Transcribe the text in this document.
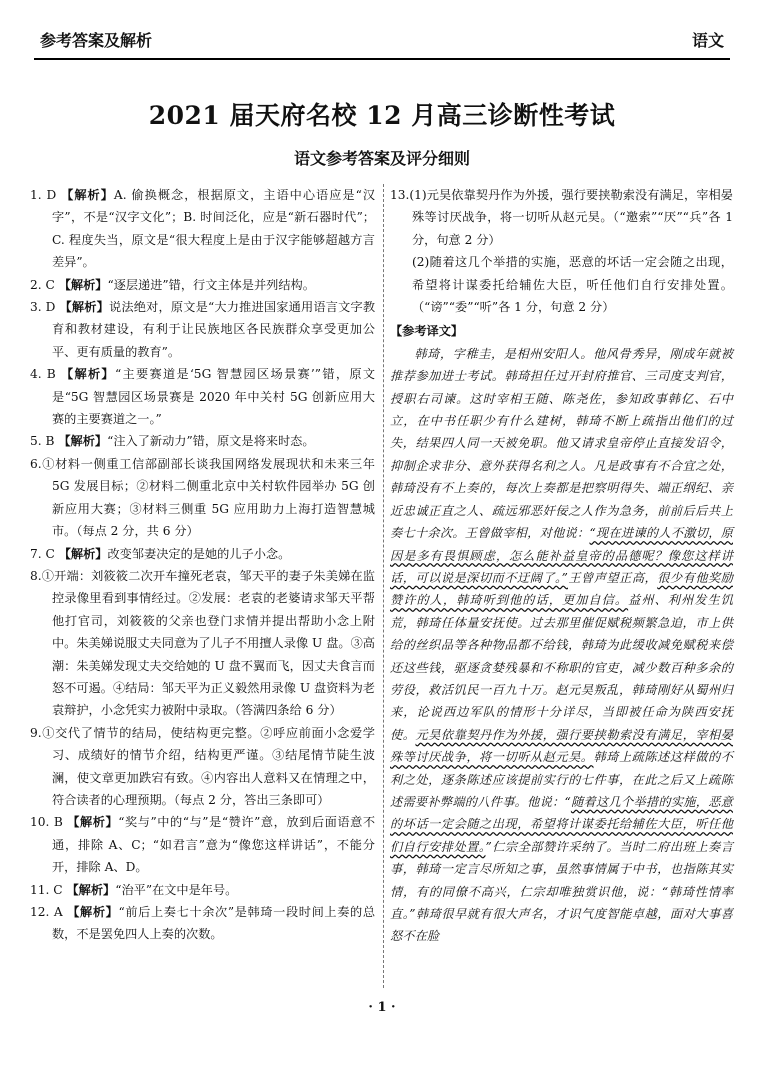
参考答案及解析	语文
2021 届天府名校 12 月高三诊断性考试
语文参考答案及评分细则
1. D 【解析】A. 偷换概念，根据原文，主语中心语应是“汉字”，不是“汉字文化”；B. 时间泛化，应是“新石器时代”；C. 程度失当，原文是“很大程度上是由于汉字能够超越方言差异”。
2. C 【解析】“逐层递进”错，行文主体是并列结构。
3. D 【解析】说法绝对，原文是“大力推进国家通用语言文字教育和教材建设，有利于让民族地区各民族群众享受更加公平、更有质量的教育”。
4. B 【解析】“主要赛道是‘5G 智慧园区场景赛’”错，原文是“5G 智慧园区场景赛是 2020 年中关村 5G 创新应用大赛的主要赛道之一。”
5. B 【解析】“注入了新动力”错，原文是将来时态。
6.①材料一侧重工信部副部长谈我国网络发展现状和未来三年 5G 发展目标；②材料二侧重北京中关村软件园举办 5G 创新应用大赛；③材料三侧重 5G 应用助力上海打造智慧城市。（每点 2 分，共 6 分）
7. C 【解析】改变邹妻决定的是她的儿子小念。
8.①开端：刘筱筱二次开车撞死老袁，邹天平的妻子朱美娣在监控录像里看到事情经过。②发展：老袁的老婆请求邹天平帮他打官司，刘筱筱的父亲也登门求情并提出帮助小念上附中。朱美娣说服丈夫同意为了儿子不用擅人录像 U 盘。③高潮：朱美娣发现丈夫交给她的 U 盘不翼而飞，因丈夫食言而怒不可遏。④结局：邹天平为正义毅然用录像 U 盘资料为老袁辩护，小念凭实力被附中录取。（答满四条给 6 分）
9.①交代了情节的结局，使结构更完整。②呼应前面小念爱学习、成绩好的情节介绍，结构更严谨。③结尾情节陡生波澜，使文章更加跌宕有致。④内容出人意料又在情理之中，符合读者的心理预期。（每点 2 分，答出三条即可）
10. B 【解析】“奖与”中的“与”是“赞许”意，放到后面语意不通，排除 A、C；“如君言”意为“像您这样讲话”，不能分开，排除 A、D。
11. C 【解析】“治平”在文中是年号。
12. A 【解析】“前后上奏七十余次”是韩琦一段时间上奏的总数，不是罢免四人上奏的次数。
13.(1)元昊依靠契丹作为外援，强行要挟勒索没有满足，宰相晏殊等讨厌战争，将一切听从赵元昊。（“邀索”“厌”“兵”各 1 分，句意 2 分）
(2)随着这几个举措的实施，恶意的坏话一定会随之出现，希望将计谋委托给辅佐大臣，听任他们自行安排处置。（“谤”“委”“听”各 1 分，句意 2 分）
【参考译文】

韩琦，字稚圭，是相州安阳人。他风骨秀异，刚成年就被推荐参加进士考试。韩琦担任过开封府推官、三司度支判官，授职右司谏。这时宰相王随、陈尧佐，参知政事韩亿、石中立，在中书任职少有什么建树，韩琦不断上疏指出他们的过失，结果四人同一天被免职。他又请求皇帝停止直接发诏令，抑制企求非分、意外获得名利之人。凡是政事有不合宜之处，韩琦没有不上奏的，每次上奏都是把察明得失、端正纲纪、亲近忠诚正直之人、疏远邪恶奸佞之人作为急务，前前后后共上奏七十余次。王曾做宰相，对他说：“现在进谏的人不激切，原因是多有畏惧顾虑，怎么能补益皇帝的品德呢？像您这样讲话，可以说是深切而不迂阔了。”王曾声望正高，很少有他奖励赞许的人，韩琦听到他的话，更加自信。益州、利州发生饥荒，韩琦任体量安抚使。过去那里催促赋税频繁急迫，市上供给的丝织品等各种物品都不给钱，韩琦为此缓收减免赋税来偿还这些钱，驱逐贪婪残暴和不称职的官吏，减少数百种多余的劳役，救活饥民一百九十万。赵元昊叛乱，韩琦刚好从蜀州归来，论说西边军队的情形十分详尽，当即被任命为陕西安抚使。元昊依靠契丹作为外援，强行要挟勒索没有满足，宰相晏殊等讨厌战争，将一切听从赵元昊。韩琦上疏陈述这样做的不利之处，逐条陈述应该提前实行的七件事，在此之后又上疏陈述需要补弊端的八件事。他说：“随着这几个举措的实施，恶意的坏话一定会随之出现，希望将计谋委托给辅佐大臣，听任他们自行安排处置。”仁宗全部赞许采纳了。当时二府出班上奏言事，韩琦一定言尽所知之事，虽然事情属于中书，也指陈其实情，有的同僚不高兴，仁宗却唯独赏识他，说：“韩琦性情率直。”韩琦很早就有很大声名，才识气度智能卓越，面对大事喜怒不在脸

· 1 ·
